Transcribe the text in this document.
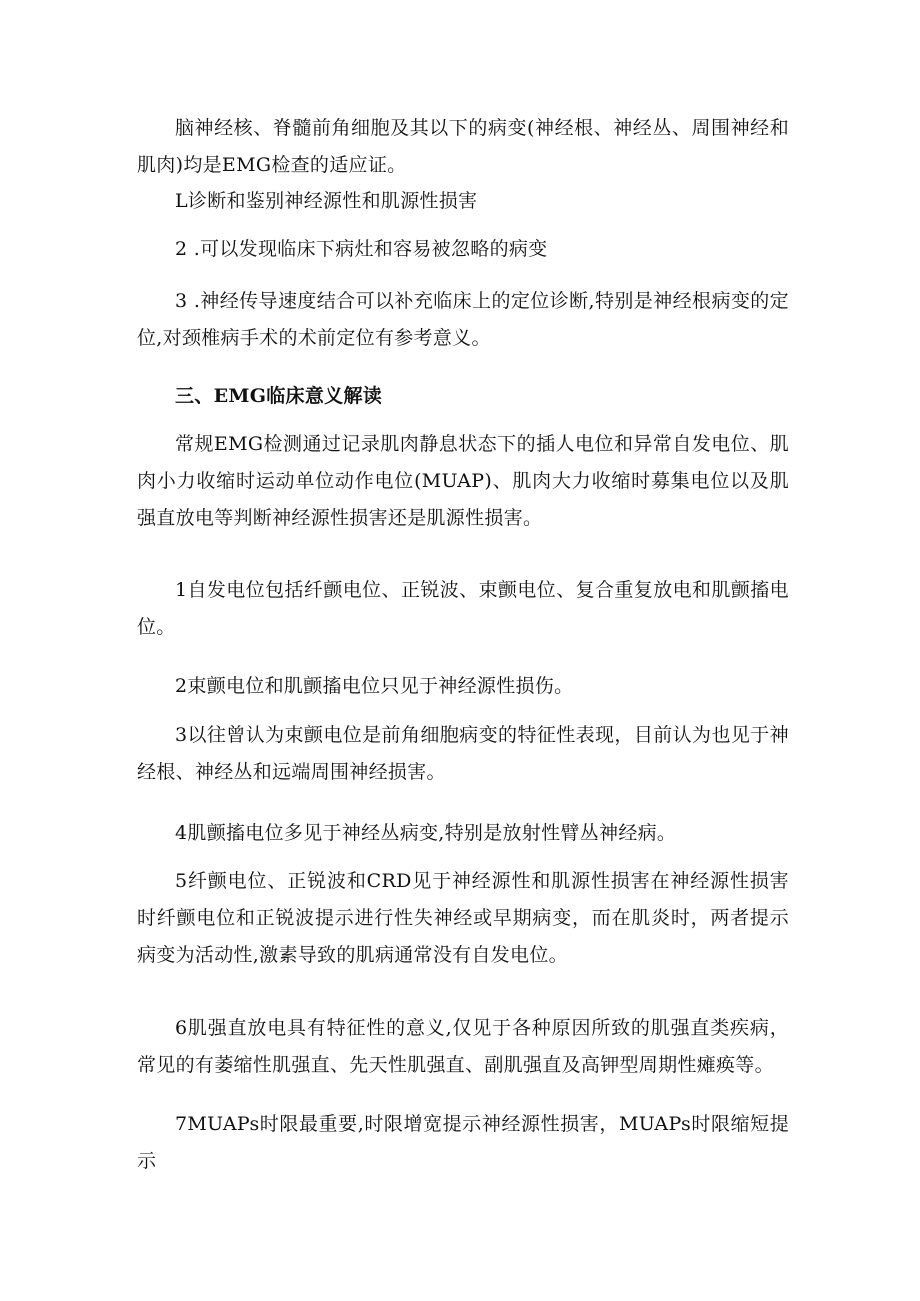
脑神经核、脊髓前角细胞及其以下的病变(神经根、神经丛、周围神经和肌肉)均是EMG检查的适应证。

L诊断和鉴别神经源性和肌源性损害

2 .可以发现临床下病灶和容易被忽略的病变

3 .神经传导速度结合可以补充临床上的定位诊断,特别是神经根病变的定位,对颈椎病手术的术前定位有参考意义。

三、EMG临床意义解读

常规EMG检测通过记录肌肉静息状态下的插人电位和异常自发电位、肌肉小力收缩时运动单位动作电位(MUAP)、肌肉大力收缩时募集电位以及肌强直放电等判断神经源性损害还是肌源性损害。

1自发电位包括纤颤电位、正锐波、束颤电位、复合重复放电和肌颤搐电位。

2束颤电位和肌颤搐电位只见于神经源性损伤。

3以往曾认为束颤电位是前角细胞病变的特征性表现，目前认为也见于神经根、神经丛和远端周围神经损害。

4肌颤搐电位多见于神经丛病变,特别是放射性臂丛神经病。

5纤颤电位、正锐波和CRD见于神经源性和肌源性损害在神经源性损害时纤颤电位和正锐波提示进行性失神经或早期病变，而在肌炎时，两者提示病变为活动性,激素导致的肌病通常没有自发电位。

6肌强直放电具有特征性的意义,仅见于各种原因所致的肌强直类疾病，常见的有萎缩性肌强直、先天性肌强直、副肌强直及高钾型周期性瘫痪等。

7MUAPs时限最重要,时限增宽提示神经源性损害，MUAPs时限缩短提示
